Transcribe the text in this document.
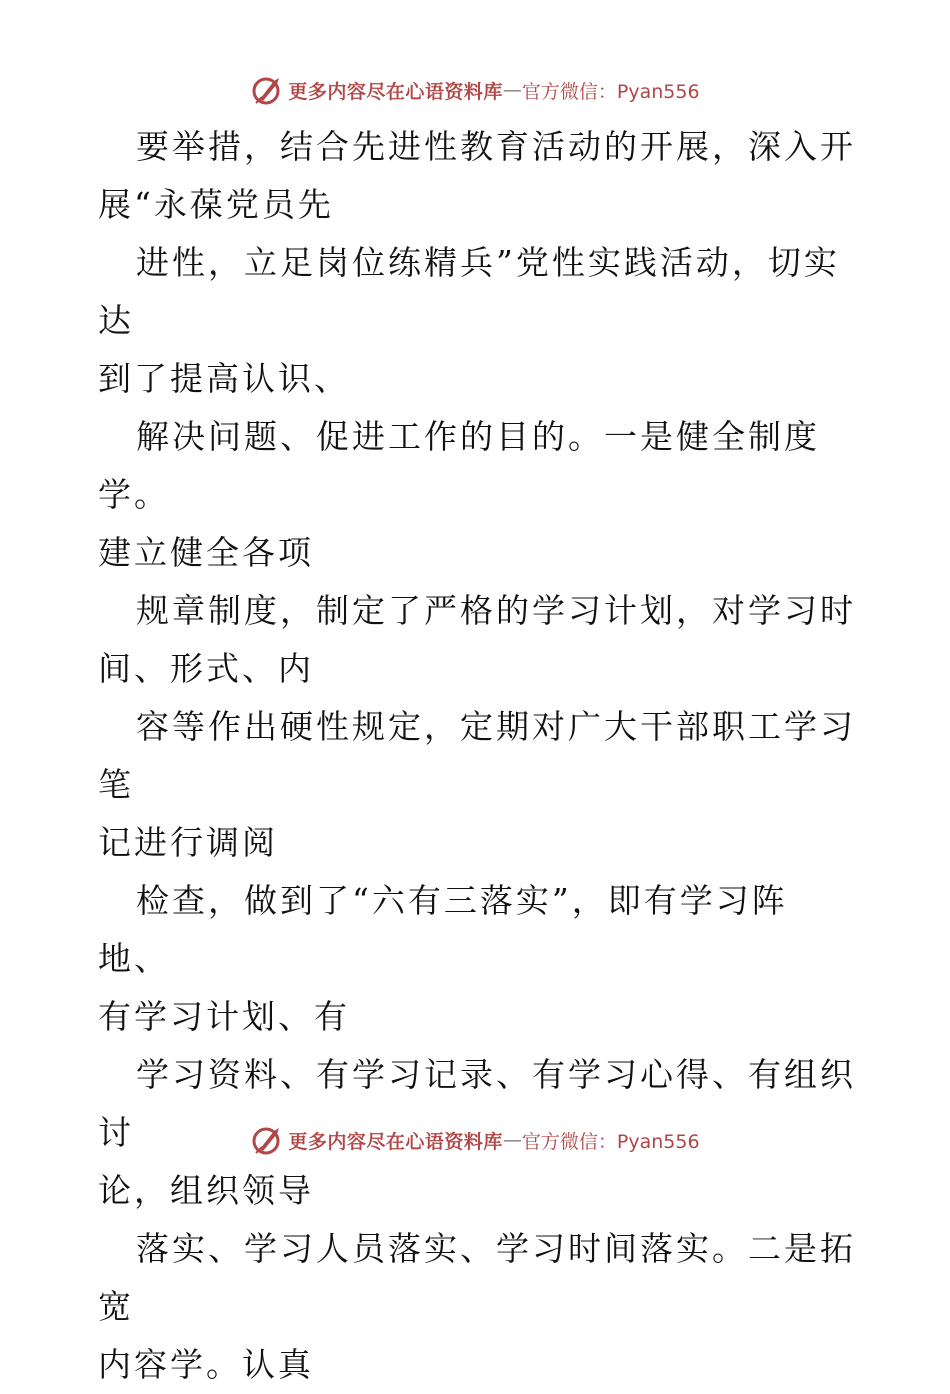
更多内容尽在心语资料库 — 官方微信：Pyan556

要举措，结合先进性教育活动的开展，深入开
展“永葆党员先

进性，立足岗位练精兵”党性实践活动，切实达
到了提高认识、

解决问题、促进工作的目的。一是健全制度学。
建立健全各项

规章制度，制定了严格的学习计划，对学习时
间、形式、内

容等作出硬性规定，定期对广大干部职工学习笔
记进行调阅

检查，做到了“六有三落实”，即有学习阵地、
有学习计划、有

学习资料、有学习记录、有学习心得、有组织讨
论，组织领导

落实、学习人员落实、学习时间落实。二是拓宽
内容学。认真

更多内容尽在心语资料库 — 官方微信：Pyan556
